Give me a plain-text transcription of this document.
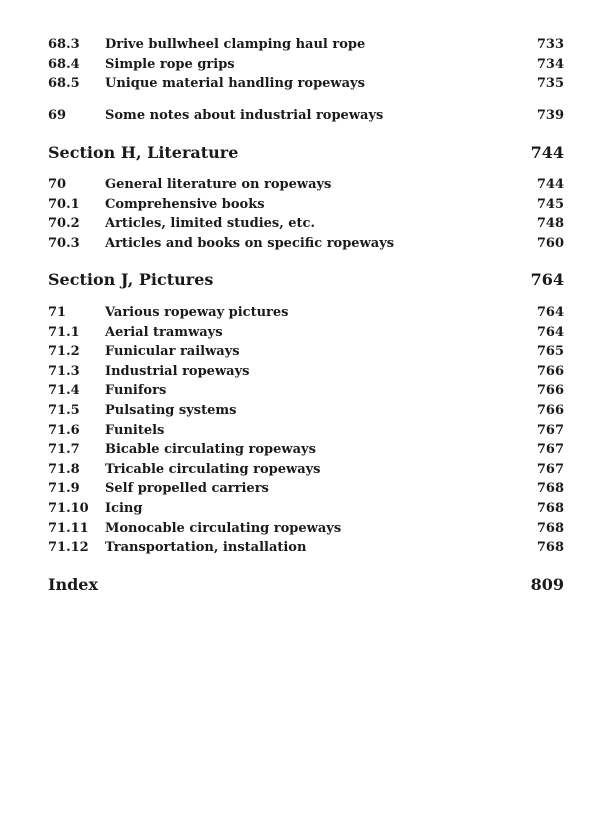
68.3 Drive bullwheel clamping haul rope	733
68.4 Simple rope grips	734
68.5 Unique material handling ropeways	735
69	Some notes about industrial ropeways	739
Section H, Literature	744
70	General literature on ropeways	744
70.1 Comprehensive books	745
70.2 Articles, limited studies, etc.	748
70.3 Articles and books on specific ropeways	760
Section J, Pictures	764
71	Various ropeway pictures	764
71.1 Aerial tramways	764
71.2 Funicular railways	765
71.3 Industrial ropeways	766
71.4 Funifors	766
71.5 Pulsating systems	766
71.6 Funitels	767
71.7 Bicable circulating ropeways	767
71.8 Tricable circulating ropeways	767
71.9 Self propelled carriers	768
71.10 Icing	768
71.11 Monocable circulating ropeways	768
71.12 Transportation, installation	768
Index	809
